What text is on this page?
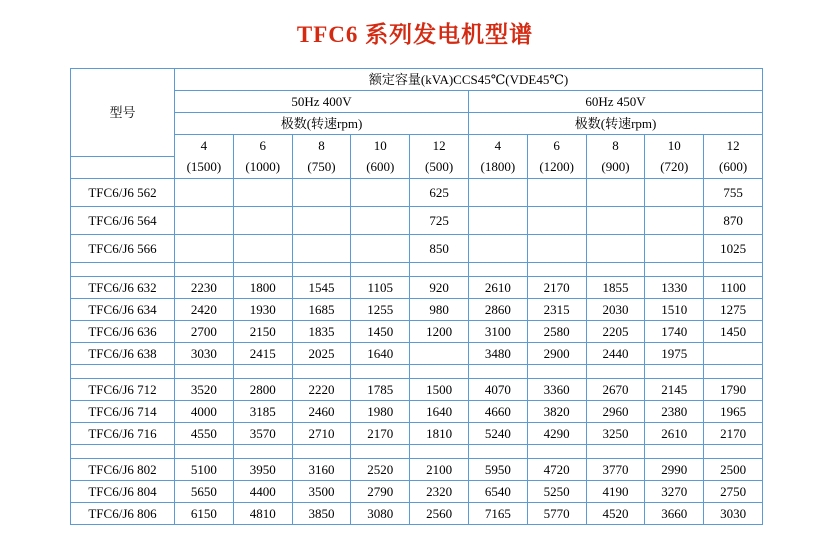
TFC6 系列发电机型谱
型号	额定容量(kVA)CCS45℃(VDE45℃)									
	50Hz 400V					60Hz 450V				
	极数(转速rpm)					极数(转速rpm)				
	4	6	8	10	12	4	6	8	10	12
	(1500)	(1000)	(750)	(600)	(500)	(1800)	(1200)	(900)	(720)	(600)
TFC6/J6 562					625					755
TFC6/J6 564					725					870
TFC6/J6 566					850					1025

TFC6/J6 632	2230	1800	1545	1105	920	2610	2170	1855	1330	1100
TFC6/J6 634	2420	1930	1685	1255	980	2860	2315	2030	1510	1275
TFC6/J6 636	2700	2150	1835	1450	1200	3100	2580	2205	1740	1450
TFC6/J6 638	3030	2415	2025	1640		3480	2900	2440	1975	

TFC6/J6 712	3520	2800	2220	1785	1500	4070	3360	2670	2145	1790
TFC6/J6 714	4000	3185	2460	1980	1640	4660	3820	2960	2380	1965
TFC6/J6 716	4550	3570	2710	2170	1810	5240	4290	3250	2610	2170

TFC6/J6 802	5100	3950	3160	2520	2100	5950	4720	3770	2990	2500
TFC6/J6 804	5650	4400	3500	2790	2320	6540	5250	4190	3270	2750
TFC6/J6 806	6150	4810	3850	3080	2560	7165	5770	4520	3660	3030
